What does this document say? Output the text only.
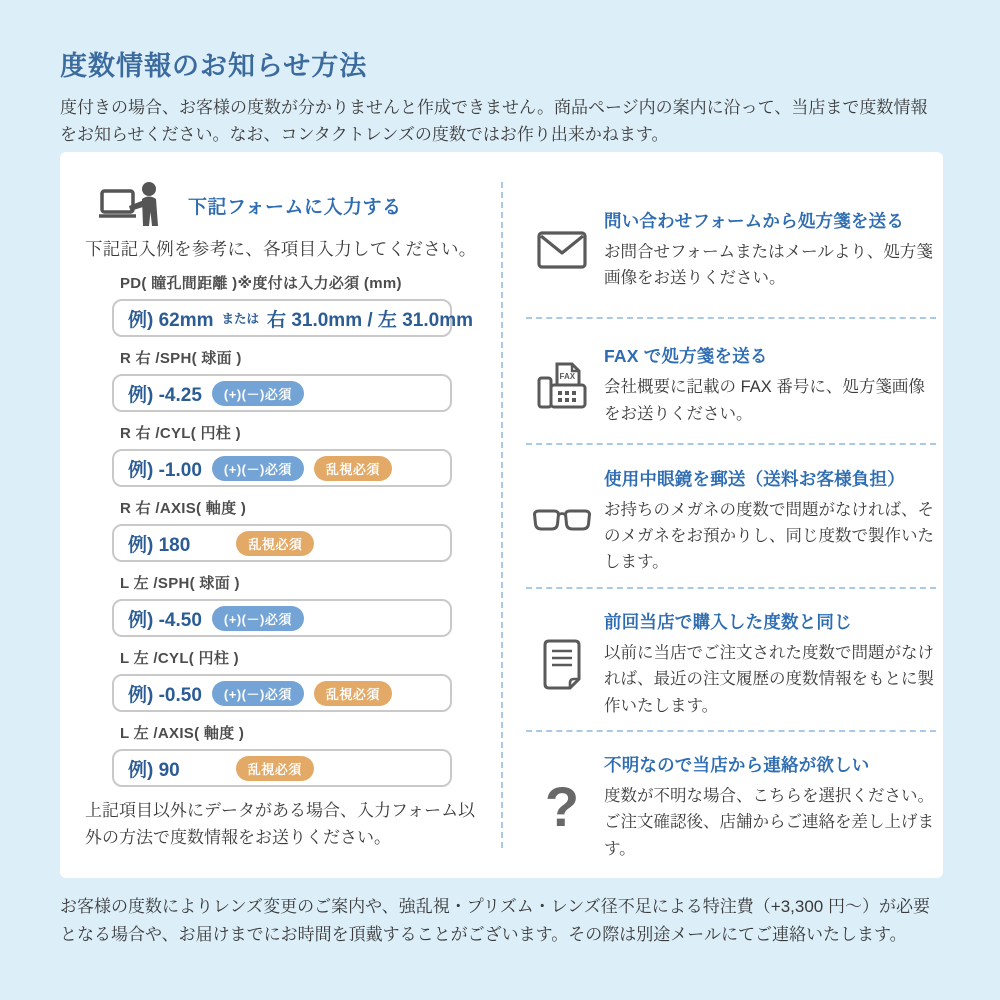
度数情報のお知らせ方法
度付きの場合、お客様の度数が分かりませんと作成できません。商品ページ内の案内に沿って、当店まで度数情報をお知らせください。なお、コンタクトレンズの度数ではお作り出来かねます。
下記フォームに入力する
下記記入例を参考に、各項目入力してください。
PD( 瞳孔間距離 )※度付は入力必須 (mm)
例) 62mm または 右 31.0mm / 左 31.0mm
R 右 /SPH( 球面 )
例) -4.25	(+)(－)必須
R 右 /CYL( 円柱 )
例) -1.00	(+)(－)必須	乱視必須
R 右 /AXIS( 軸度 )
例) 180	乱視必須
L 左 /SPH( 球面 )
例) -4.50	(+)(－)必須
L 左 /CYL( 円柱 )
例) -0.50	(+)(－)必須	乱視必須
L 左 /AXIS( 軸度 )
例) 90	乱視必須
上記項目以外にデータがある場合、入力フォーム以外の方法で度数情報をお送りください。
問い合わせフォームから処方箋を送る
お問合せフォームまたはメールより、処方箋画像をお送りください。
FAX
FAX で処方箋を送る
会社概要に記載の FAX 番号に、処方箋画像をお送りください。
使用中眼鏡を郵送（送料お客様負担）
お持ちのメガネの度数で問題がなければ、そのメガネをお預かりし、同じ度数で製作いたします。
前回当店で購入した度数と同じ
以前に当店でご注文された度数で問題がなければ、最近の注文履歴の度数情報をもとに製作いたします。
?
不明なので当店から連絡が欲しい
度数が不明な場合、こちらを選択ください。ご注文確認後、店舗からご連絡を差し上げます。
お客様の度数によりレンズ変更のご案内や、強乱視・プリズム・レンズ径不足による特注費（+3,300 円〜）が必要となる場合や、お届けまでにお時間を頂戴することがございます。その際は別途メールにてご連絡いたします。
